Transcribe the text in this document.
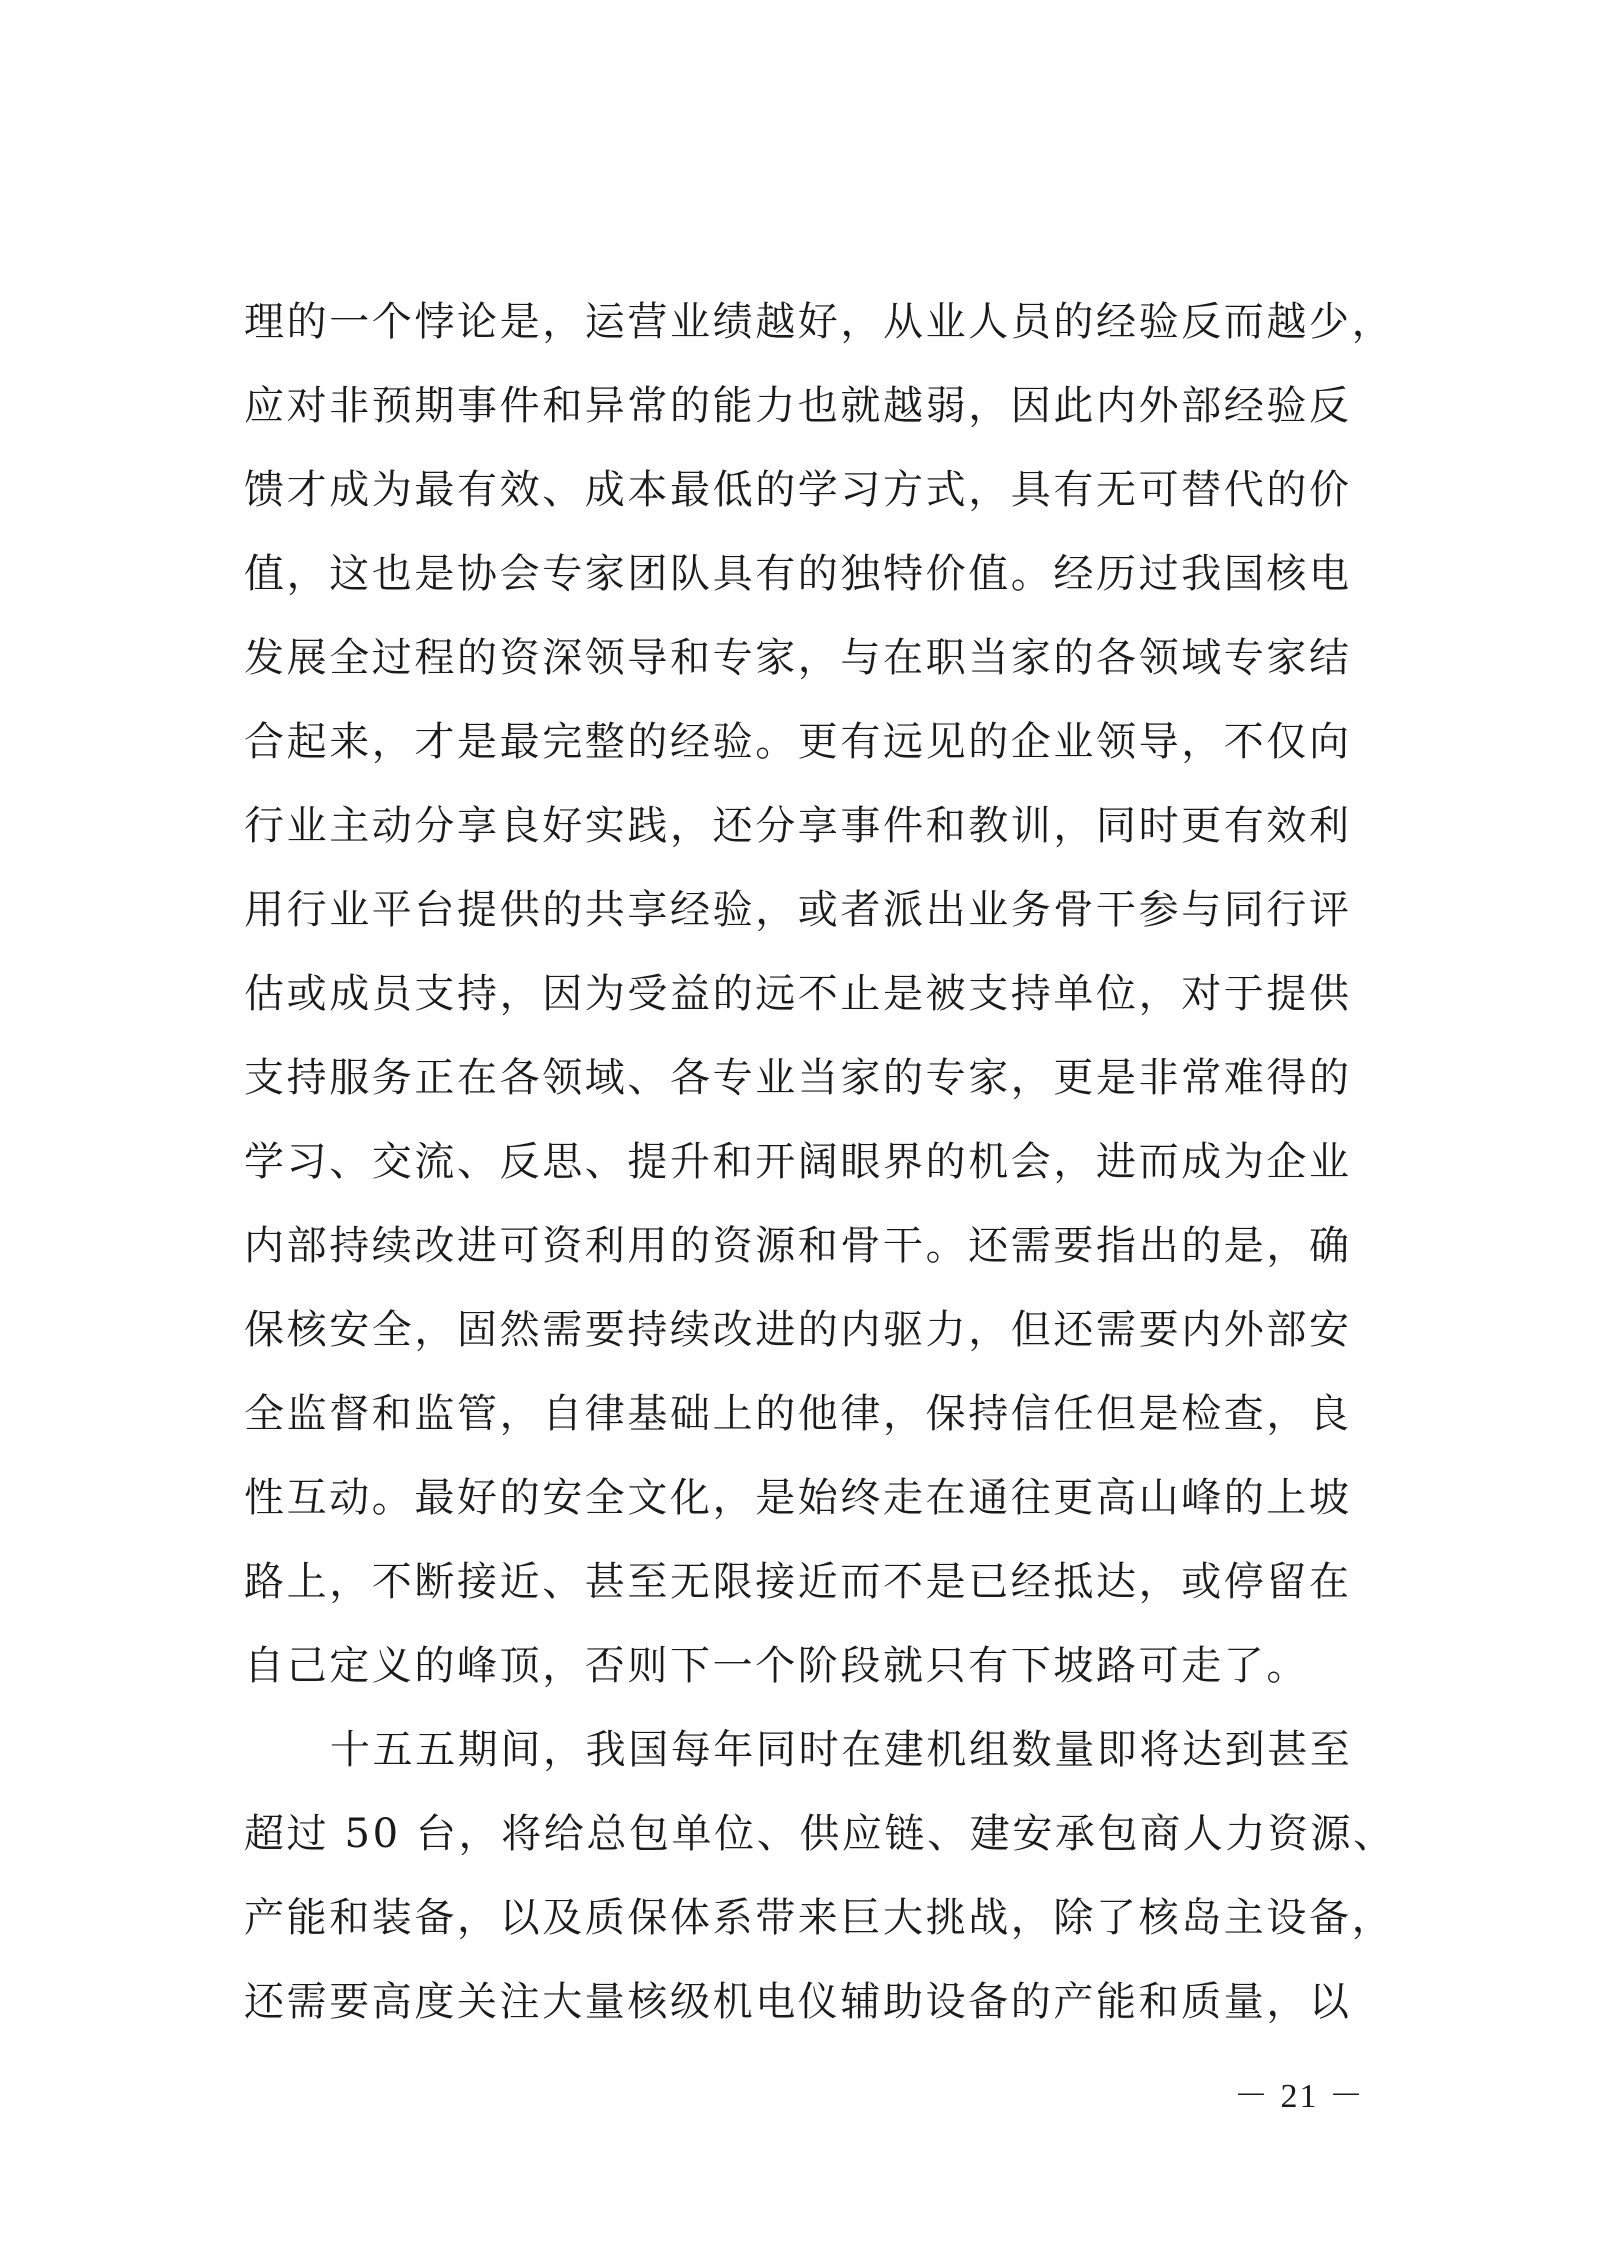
理的一个悖论是，运营业绩越好，从业人员的经验反而越少，
应对非预期事件和异常的能力也就越弱，因此内外部经验反
馈才成为最有效、成本最低的学习方式，具有无可替代的价
值，这也是协会专家团队具有的独特价值。经历过我国核电
发展全过程的资深领导和专家，与在职当家的各领域专家结
合起来，才是最完整的经验。更有远见的企业领导，不仅向
行业主动分享良好实践，还分享事件和教训，同时更有效利
用行业平台提供的共享经验，或者派出业务骨干参与同行评
估或成员支持，因为受益的远不止是被支持单位，对于提供
支持服务正在各领域、各专业当家的专家，更是非常难得的
学习、交流、反思、提升和开阔眼界的机会，进而成为企业
内部持续改进可资利用的资源和骨干。还需要指出的是，确
保核安全，固然需要持续改进的内驱力，但还需要内外部安
全监督和监管，自律基础上的他律，保持信任但是检查，良
性互动。最好的安全文化，是始终走在通往更高山峰的上坡
路上，不断接近、甚至无限接近而不是已经抵达，或停留在
自己定义的峰顶，否则下一个阶段就只有下坡路可走了。
十五五期间，我国每年同时在建机组数量即将达到甚至
超过 50 台，将给总包单位、供应链、建安承包商人力资源、
产能和装备，以及质保体系带来巨大挑战，除了核岛主设备，
还需要高度关注大量核级机电仪辅助设备的产能和质量，以
－ 21 －
